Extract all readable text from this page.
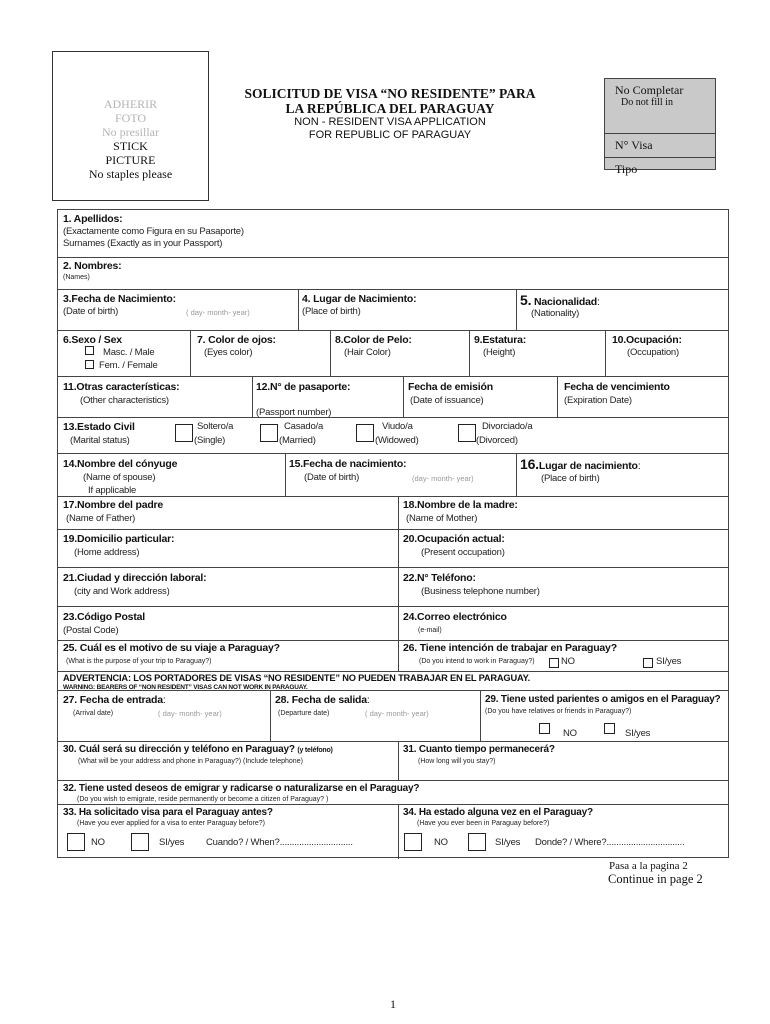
ADHERIR
FOTO
No presillar
STICK
PICTURE
No staples please
SOLICITUD DE VISA “NO RESIDENTE” PARA
LA REPÚBLICA DEL PARAGUAY
NON - RESIDENT VISA APPLICATION
FOR REPUBLIC OF PARAGUAY
No Completar
Do not fill in
N° Visa
Tipo
1. Apellidos:
(Exactamente como Figura en su Pasaporte)
Surnames (Exactly as in your Passport)
2. Nombres:
(Names)
3.Fecha de Nacimiento:
(Date of birth)	( day- month- year)
4. Lugar de Nacimiento:
(Place of birth)
5. Nacionalidad:
(Nationality)
6.Sexo / Sex
Masc. / Male
Fem. / Female
7. Color de ojos:
(Eyes color)
8.Color de Pelo:
(Hair Color)
9.Estatura:
(Height)
10.Ocupación:
(Occupation)
11.Otras características:
(Other characteristics)
12.N° de pasaporte:
(Passport number)
Fecha de emisión
(Date of issuance)
Fecha de vencimiento
(Expiration Date)
13.Estado Civil
(Marital status)
Soltero/a
(Single)
Casado/a
(Married)
Viudo/a
(Widowed)
Divorciado/a
(Divorced)
14.Nombre del cónyuge
(Name of spouse)
If applicable
15.Fecha de nacimiento:
(Date of birth)	(day- month- year)
16.Lugar de nacimiento:
(Place of birth)
17.Nombre del padre
(Name of Father)
18.Nombre de la madre:
(Name of Mother)
19.Domicilio particular:
(Home address)
20.Ocupación actual:
(Present occupation)
21.Ciudad y dirección laboral:
(city and Work address)
22.N° Teléfono:
(Business telephone number)
23.Código Postal
(Postal Code)
24.Correo electrónico
(e-mail)
25. Cuál es el motivo de su viaje a Paraguay?
(What is the purpose of your trip to Paraguay?)
26. Tiene intención de trabajar en Paraguay?
(Do you intend to work in Paraguay?)	NO	SI/yes
ADVERTENCIA: LOS PORTADORES DE VISAS “NO RESIDENTE” NO PUEDEN TRABAJAR EN EL PARAGUAY.
WARNING: BEARERS OF “NON RESIDENT” VISAS CAN NOT WORK IN PARAGUAY.
27. Fecha de entrada:
(Arrival date)	( day- month- year)
28. Fecha de salida:
(Departure date)	( day- month- year)
29. Tiene usted parientes o amigos en el Paraguay?
(Do you have relatives or friends in Paraguay?)
NO	SI/yes
30. Cuál será su dirección y teléfono en Paraguay? (y teléfono)
(What will be your address and phone in Paraguay?) (Include telephone)
31. Cuanto tiempo permanecerá?
(How long will you stay?)
32. Tiene usted deseos de emigrar y radicarse o naturalizarse en el Paraguay?
(Do you wish to emigrate, reside permanently or become a citizen of Paraguay? )
33. Ha solicitado visa para el Paraguay antes?
(Have you ever applied for a visa to enter Paraguay before?)
NO	SI/yes Cuando? / When?..............................
34. Ha estado alguna vez en el Paraguay?
(Have you ever been in Paraguay before?)
NO	SI/yes Donde? / Where?................................
Pasa a la pagina 2
Continue in page 2
1
